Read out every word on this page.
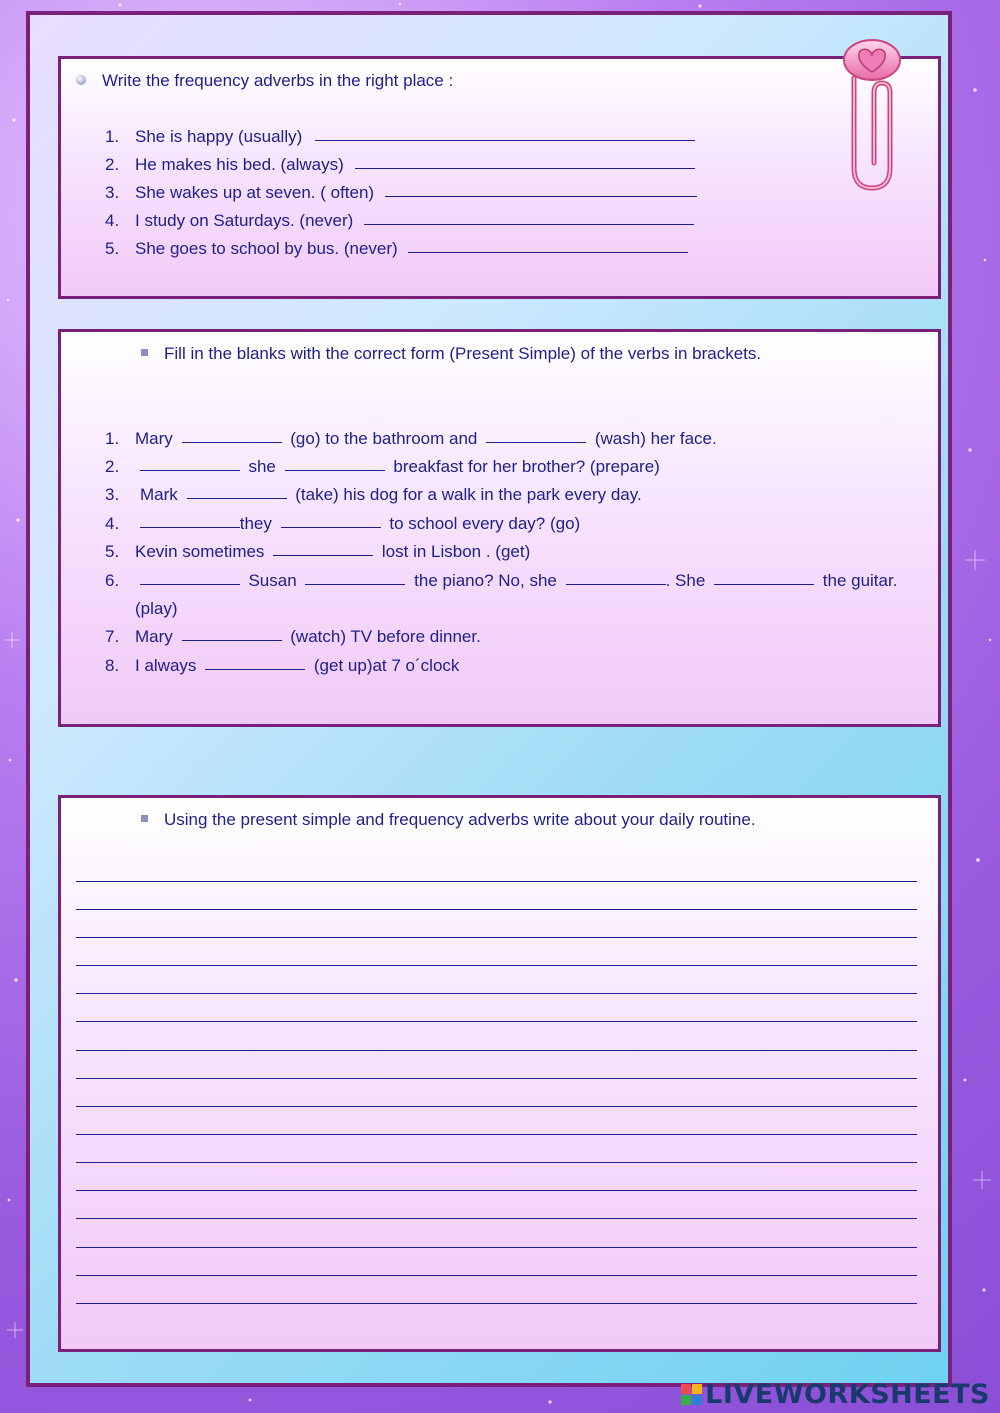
Write the frequency adverbs in the right place :
1. She is happy (usually)
2. He makes his bed. (always)
3. She wakes up at seven. ( often)
4. I study on Saturdays. (never)
5. She goes to school by bus. (never)
Fill in the blanks with the correct form (Present Simple) of the verbs in brackets.
1. Mary	(go) to the bathroom and	(wash) her face.
2.	she	breakfast for her brother? (prepare)
3. Mark	(take) his dog for a walk in the park every day.
4.	they	to school every day? (go)
5. Kevin sometimes	lost in Lisbon . (get)
6.	Susan	the piano? No, she	. She	the guitar.
(play)
7. Mary	(watch) TV before dinner.
8. I always	(get up)at 7 o´clock
Using the present simple and frequency adverbs write about your daily routine.
LIVEWORKSHEETS
